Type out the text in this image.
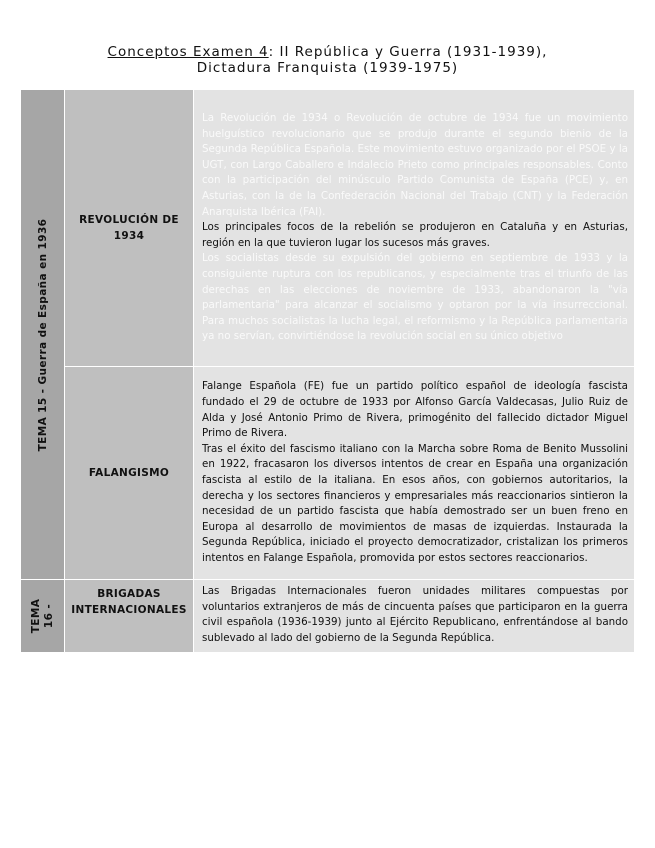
Conceptos Examen 4: II República y Guerra (1931-1939), Dictadura Franquista (1939-1975)
TEMA 15 - Guerra de España en 1936	REVOLUCIÓN DE 1934	La Revolución de 1934 o Revolución de octubre de 1934 fue un movimiento huelguístico revolucionario que se produjo durante el segundo bienio de la Segunda República Española. Este movimiento estuvo organizado por el PSOE y la UGT, con Largo Caballero e Indalecio Prieto como principales responsables. Conto con la participación del minúsculo Partido Comunista de España (PCE) y, en Asturias, con la de la Confederación Nacional del Trabajo (CNT) y la Federación Anarquista Ibérica (FAI).

Los principales focos de la rebelión se produjeron en Cataluña y en Asturias, región en la que tuvieron lugar los sucesos más graves.

Los socialistas desde su expulsión del gobierno en septiembre de 1933 y la consiguiente ruptura con los republicanos, y especialmente tras el triunfo de las derechas en las elecciones de noviembre de 1933, abandonaron la "vía parlamentaria" para alcanzar el socialismo y optaron por la vía insurreccional. Para muchos socialistas la lucha legal, el reformismo y la República parlamentaria ya no servían, convirtiéndose la revolución social en su único objetivo

	FALANGISMO	Falange Española (FE) fue un partido político español de ideología fascista fundado el 29 de octubre de 1933 por Alfonso García Valdecasas, Julio Ruiz de Alda y José Antonio Primo de Rivera, primogénito del fallecido dictador Miguel Primo de Rivera.

Tras el éxito del fascismo italiano con la Marcha sobre Roma de Benito Mussolini en 1922, fracasaron los diversos intentos de crear en España una organización fascista al estilo de la italiana. En esos años, con gobiernos autoritarios, la derecha y los sectores financieros y empresariales más reaccionarios sintieron la necesidad de un partido fascista que había demostrado ser un buen freno en Europa al desarrollo de movimientos de masas de izquierdas. Instaurada la Segunda República, iniciado el proyecto democratizador, cristalizan los primeros intentos en Falange Española, promovida por estos sectores reaccionarios.

TEMA 16 -	BRIGADAS INTERNACIONALES	Las Brigadas Internacionales fueron unidades militares compuestas por voluntarios extranjeros de más de cincuenta países que participaron en la guerra civil española (1936-1939) junto al Ejército Republicano, enfrentándose al bando sublevado al lado del gobierno de la Segunda República.
